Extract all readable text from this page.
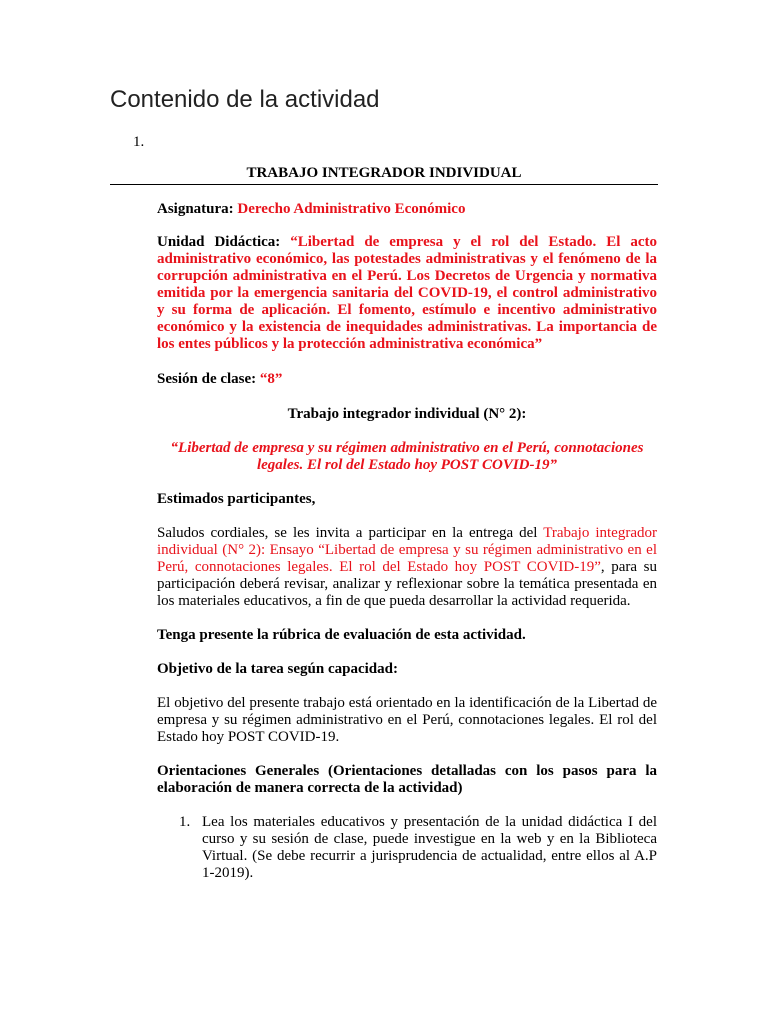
Contenido de la actividad
1.
TRABAJO INTEGRADOR INDIVIDUAL

Asignatura: Derecho Administrativo Económico

Unidad Didáctica: “Libertad de empresa y el rol del Estado. El acto administrativo económico, las potestades administrativas y el fenómeno de la corrupción administrativa en el Perú. Los Decretos de Urgencia y normativa emitida por la emergencia sanitaria del COVID-19, el control administrativo y su forma de aplicación. El fomento, estímulo e incentivo administrativo económico y la existencia de inequidades administrativas. La importancia de los entes públicos y la protección administrativa económica”

Sesión de clase: “8”

Trabajo integrador individual (N° 2):

“Libertad de empresa y su régimen administrativo en el Perú, connotaciones legales. El rol del Estado hoy POST COVID-19”

Estimados participantes,

Saludos cordiales, se les invita a participar en la entrega del Trabajo integrador individual (N° 2): Ensayo “Libertad de empresa y su régimen administrativo en el Perú, connotaciones legales. El rol del Estado hoy POST COVID-19”, para su participación deberá revisar, analizar y reflexionar sobre la temática presentada en los materiales educativos, a fin de que pueda desarrollar la actividad requerida.

Tenga presente la rúbrica de evaluación de esta actividad.

Objetivo de la tarea según capacidad:

El objetivo del presente trabajo está orientado en la identificación de la Libertad de empresa y su régimen administrativo en el Perú, connotaciones legales. El rol del Estado hoy POST COVID-19.

Orientaciones Generales (Orientaciones detalladas con los pasos para la elaboración de manera correcta de la actividad)

1. Lea los materiales educativos y presentación de la unidad didáctica I del curso y su sesión de clase, puede investigue en la web y en la Biblioteca Virtual. (Se debe recurrir a jurisprudencia de actualidad, entre ellos al A.P 1-2019).
